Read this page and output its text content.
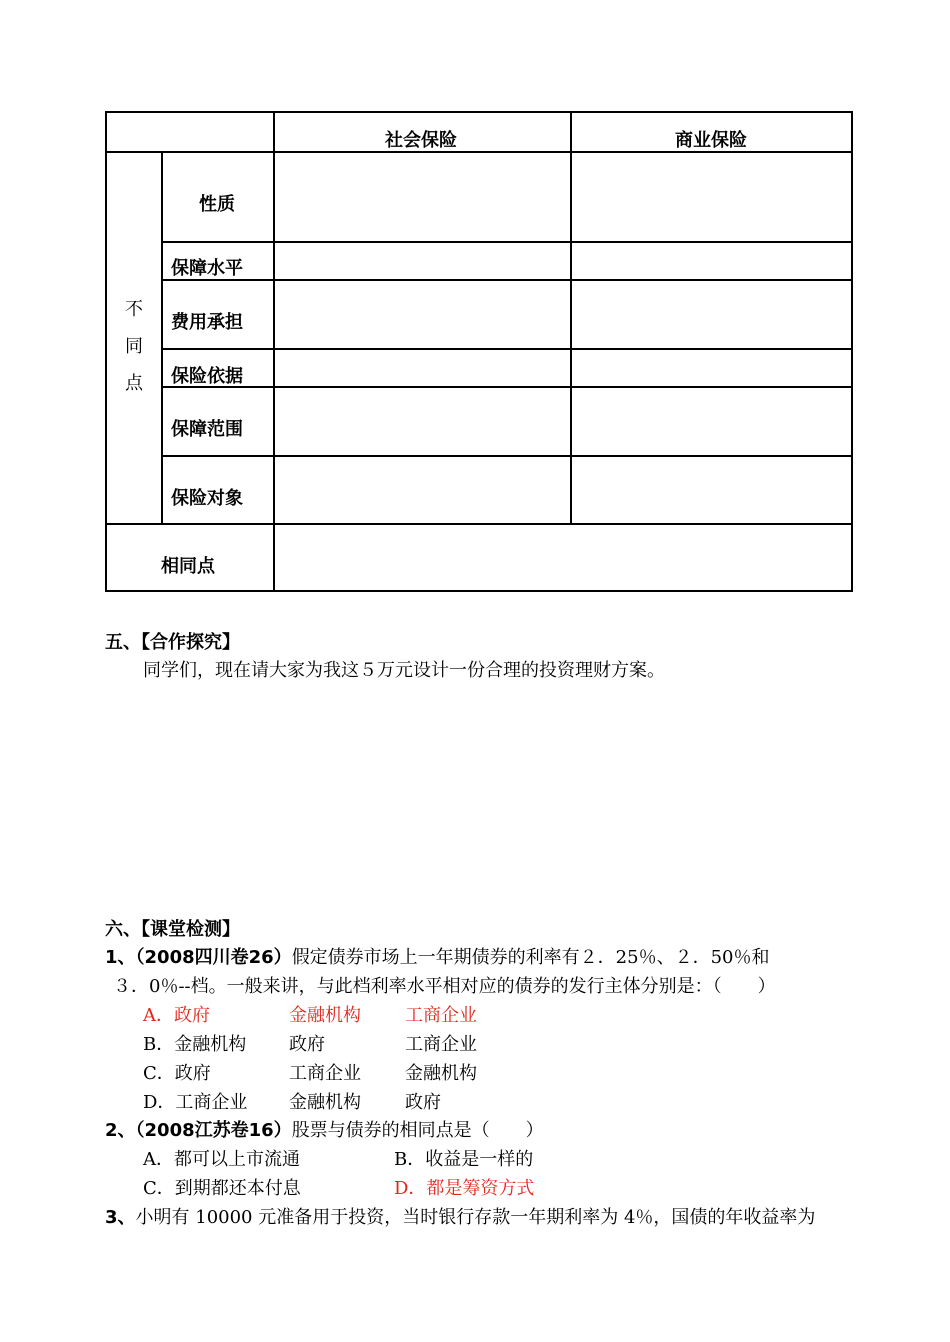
社会保险	商业保险
不
同
点
性质
保障水平
费用承担
保险依据
保障范围
保险对象
相同点
五、【合作探究】
同学们，现在请大家为我这５万元设计一份合理的投资理财方案。
六、【课堂检测】
1、（2008四川卷26）假定债券市场上一年期债券的利率有２．25％、２．50％和
３．0％--档。一般来讲，与此档利率水平相对应的债券的发行主体分别是：（　　）
A．政府	金融机构 工商企业
B．金融机构 政府	工商企业
C．政府	工商企业 金融机构
D．工商企业 金融机构 政府
2、（2008江苏卷16）股票与债券的相同点是（　　）
A．都可以上市流通	B．收益是一样的
C．到期都还本付息	D．都是筹资方式
3、小明有 10000 元准备用于投资，当时银行存款一年期利率为 4％，国债的年收益率为
